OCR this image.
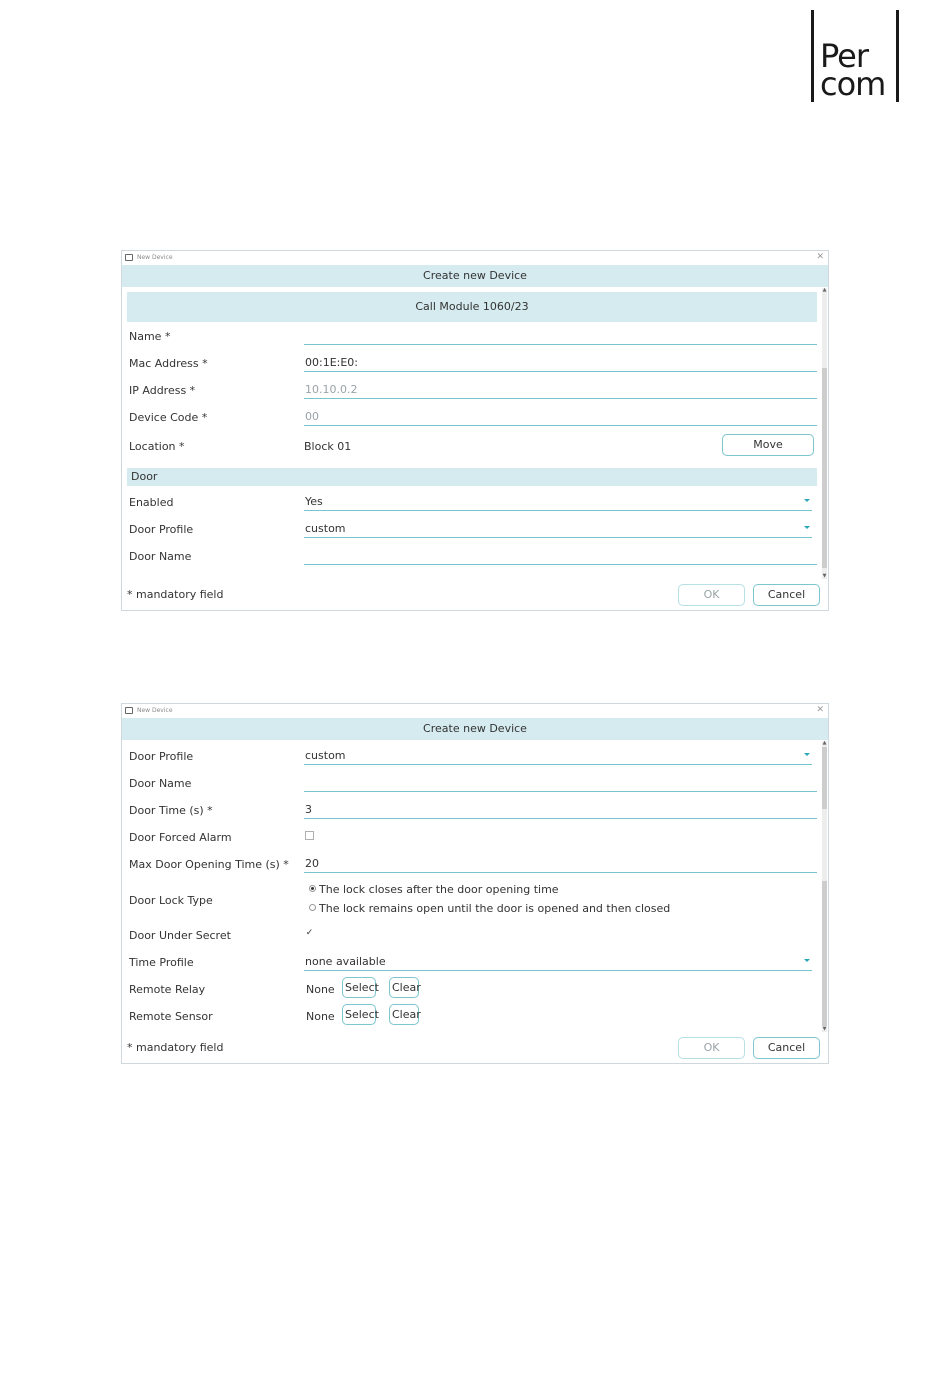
Per
com
New Device	✕
Create new Device
Call Module 1060/23
Name *
Mac Address *	00:1E:E0:
IP Address *	10.10.0.2
Device Code *	00
Location *	Block 01	Move
Door
Enabled	Yes
Door Profile	custom
Door Name
▲
▼
* mandatory field	OK	Cancel
New Device	✕
Create new Device
Door Profile	custom
Door Name
Door Time (s) *	3
Door Forced Alarm
Max Door Opening Time (s) * 20
Door Lock Type
The lock closes after the door opening time
The lock remains open until the door is opened and then closed
Door Under Secret	✓
Time Profile	none available
Remote Relay	None Select Clear
Remote Sensor	None Select Clear
▲
▼
* mandatory field	OK	Cancel
